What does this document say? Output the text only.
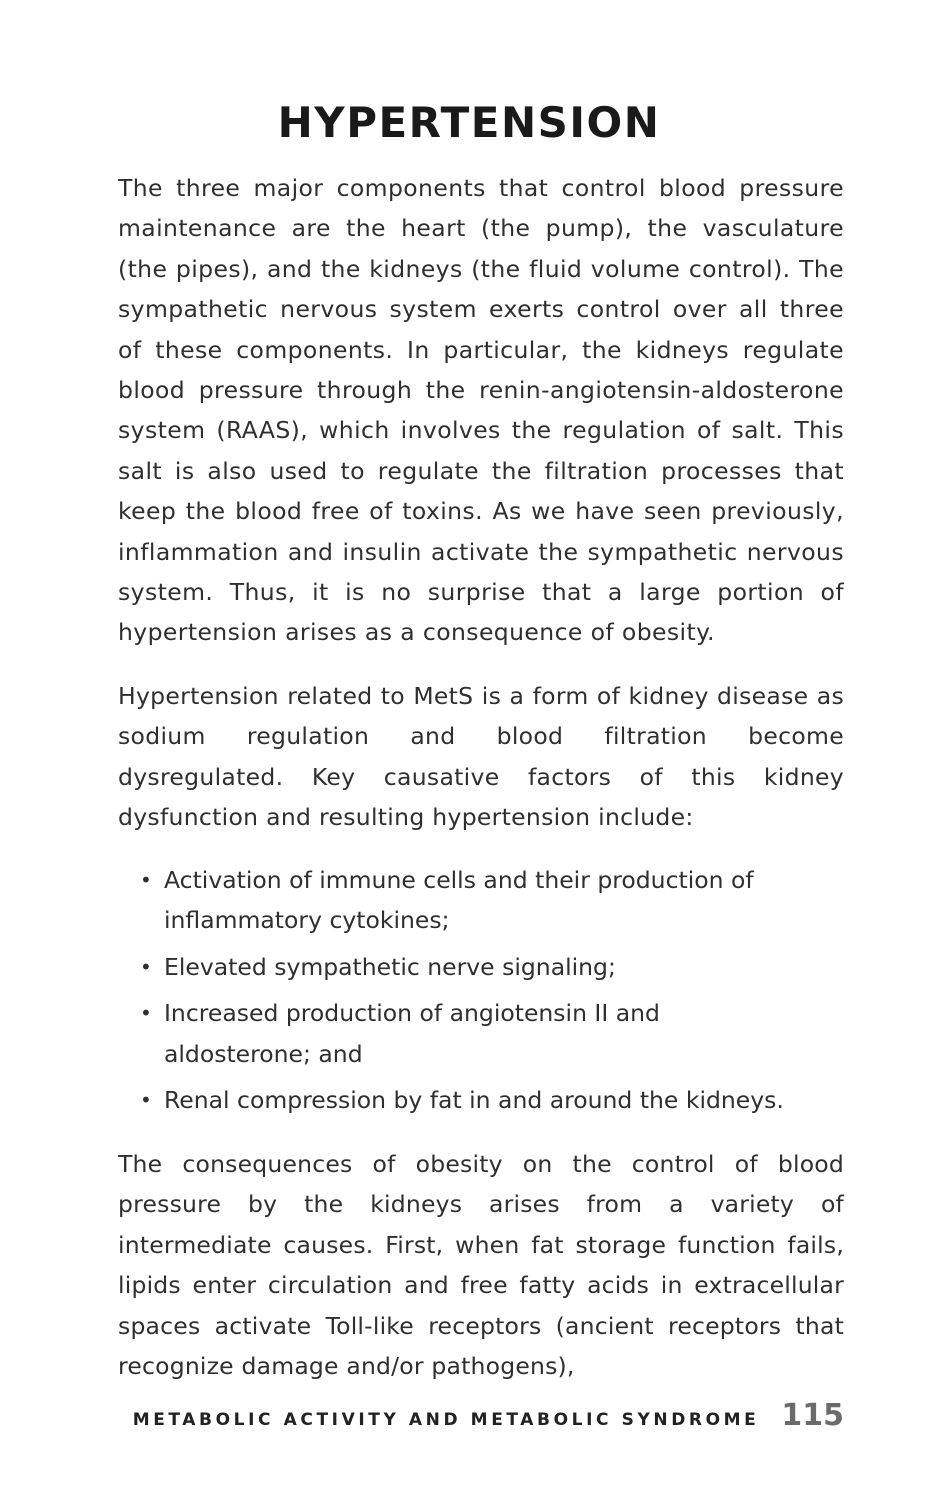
HYPERTENSION

The three major components that control blood pressure maintenance are the heart (the pump), the vasculature (the pipes), and the kidneys (the fluid volume control). The sympathetic nervous system exerts control over all three of these components. In particular, the kidneys regulate blood pressure through the renin-angiotensin-aldosterone system (RAAS), which involves the regulation of salt. This salt is also used to regulate the filtration processes that keep the blood free of toxins. As we have seen previously, inflammation and insulin activate the sympathetic nervous system. Thus, it is no surprise that a large portion of hypertension arises as a consequence of obesity.

Hypertension related to MetS is a form of kidney disease as sodium regulation and blood filtration become dysregulated. Key causative factors of this kidney dysfunction and resulting hypertension include:

• Activation of immune cells and their production of inflammatory cytokines;
• Elevated sympathetic nerve signaling;
• Increased production of angiotensin II and aldosterone; and
• Renal compression by fat in and around the kidneys.

The consequences of obesity on the control of blood pressure by the kidneys arises from a variety of intermediate causes. First, when fat storage function fails, lipids enter circulation and free fatty acids in extracellular spaces activate Toll-like receptors (ancient receptors that recognize damage and/or pathogens),

METABOLIC ACTIVITY AND METABOLIC SYNDROME 115
